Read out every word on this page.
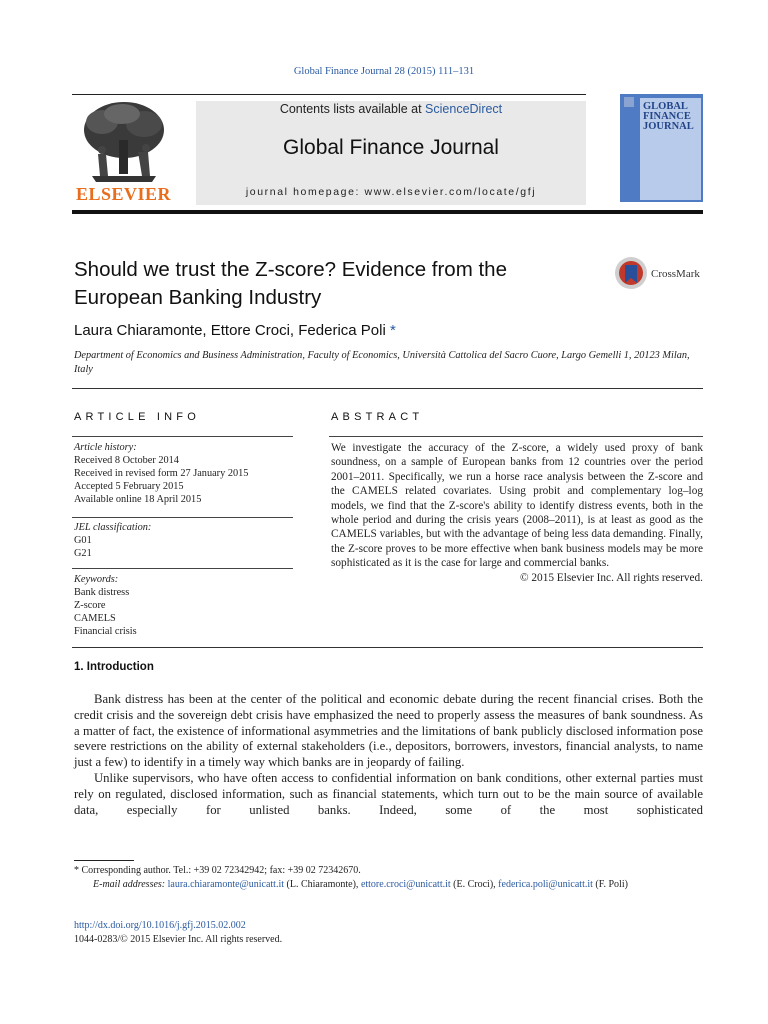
Global Finance Journal 28 (2015) 111–131
ELSEVIER
Contents lists available at ScienceDirect
Global Finance Journal
journal homepage: www.elsevier.com/locate/gfj
GLOBAL
FINANCE
JOURNAL
Should we trust the Z-score? Evidence from the European Banking Industry
CrossMark
Laura Chiaramonte, Ettore Croci, Federica Poli *
Department of Economics and Business Administration, Faculty of Economics, Università Cattolica del Sacro Cuore, Largo Gemelli 1, 20123 Milan, Italy
ARTICLE INFO	ABSTRACT
Article history:
Received 8 October 2014
Received in revised form 27 January 2015
Accepted 5 February 2015
Available online 18 April 2015
JEL classification:
G01
G21
Keywords:
Bank distress
Z-score
CAMELS
Financial crisis

We investigate the accuracy of the Z-score, a widely used proxy of bank soundness, on a sample of European banks from 12 countries over the period 2001–2011. Specifically, we run a horse race analysis between the Z-score and the CAMELS related covariates. Using probit and complementary log–log models, we find that the Z-score's ability to identify distress events, both in the whole period and during the crisis years (2008–2011), is at least as good as the CAMELS variables, but with the advantage of being less data demanding. Finally, the Z-score proves to be more effective when bank business models may be more sophisticated as it is the case for large and commercial banks.

© 2015 Elsevier Inc. All rights reserved.

1. Introduction

Bank distress has been at the center of the political and economic debate during the recent financial crises. Both the credit crisis and the sovereign debt crisis have emphasized the need to properly assess the measures of bank soundness. As a matter of fact, the existence of informational asymmetries and the limitations of bank publicly disclosed information pose severe restrictions on the ability of external stakeholders (i.e., depositors, borrowers, investors, financial analysts, to name just a few) to identify in a timely way which banks are in jeopardy of failing.

Unlike supervisors, who have often access to confidential information on bank conditions, other external parties must rely on regulated, disclosed information, such as financial statements, which turn out to be the main source of available data, especially for unlisted banks. Indeed, some of the most sophisticated

* Corresponding author. Tel.: +39 02 72342942; fax: +39 02 72342670.
E-mail addresses: laura.chiaramonte@unicatt.it (L. Chiaramonte), ettore.croci@unicatt.it (E. Croci), federica.poli@unicatt.it (F. Poli)
http://dx.doi.org/10.1016/j.gfj.2015.02.002
1044-0283/© 2015 Elsevier Inc. All rights reserved.
